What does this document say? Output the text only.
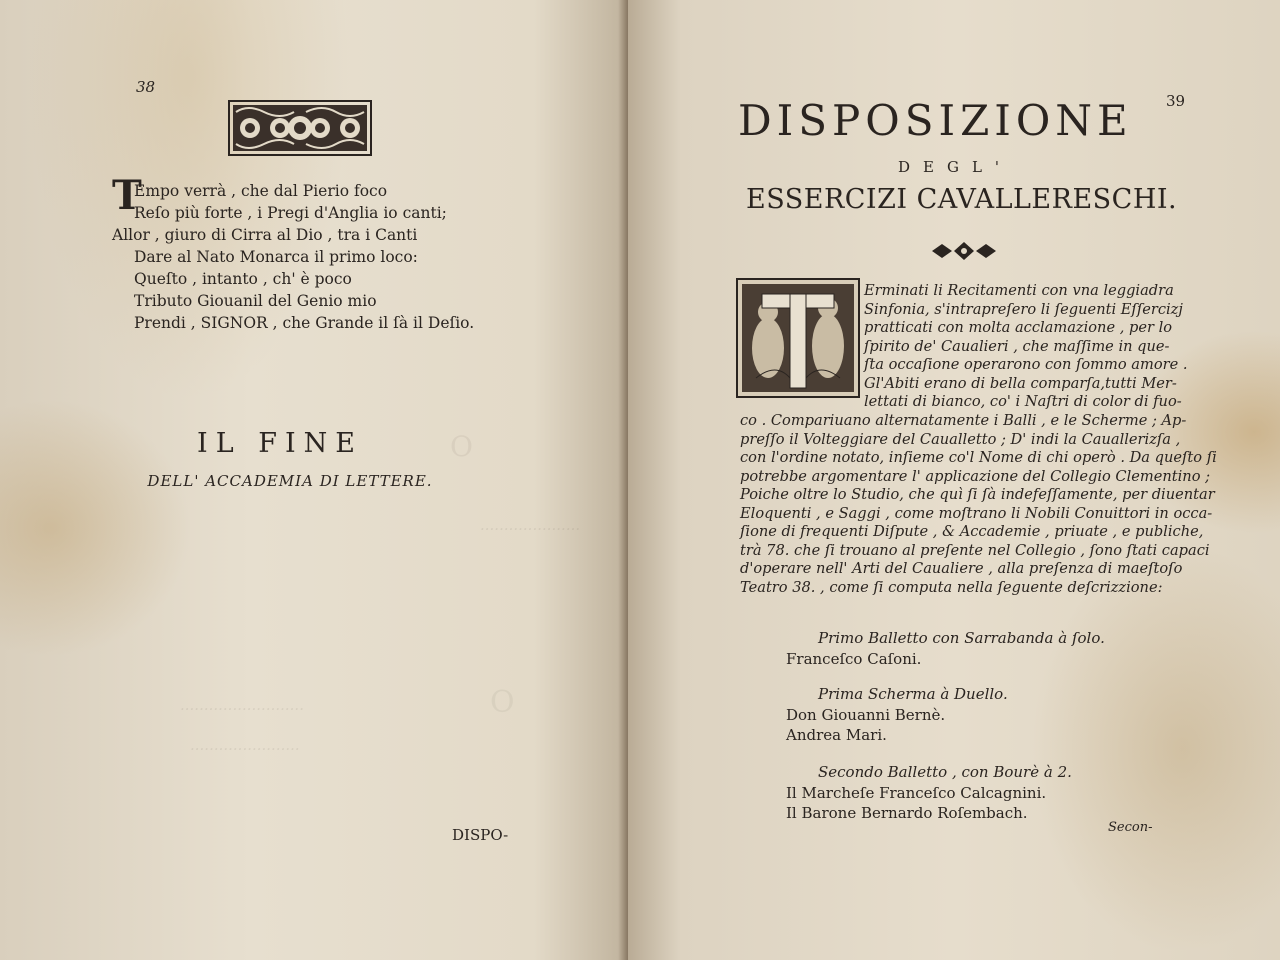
O
·····················
O
··························
·······················
38
T
Empo verrà , che dal Pierio foco
Reſo più forte , i Pregi d'Anglia io canti;
Allor , giuro di Cirra al Dio , tra i Canti
Dare al Nato Monarca il primo loco:
Queſto , intanto , ch' è poco
Tributo Giouanil del Genio mio
Prendi , SIGNOR , che Grande il ſà il Deſio.
IL FINE
DELL' ACCADEMIA DI LETTERE.
DISPO-
39
DISPOSIZIONE
DEGL'
ESSERCIZI CAVALLERESCHI.
Erminati li Recitamenti con vna leggiadra
Sinfonia, s'intrapreſero li ſeguenti Eſſercizj
pratticati con molta acclamazione , per lo
ſpirito de' Caualieri , che maſſime in que-
ſta occaſione operarono con ſommo amore .
Gl'Abiti erano di bella comparſa,tutti Mer-
lettati di bianco, co' i Naſtri di color di fuo-
co . Compariuano alternatamente i Balli , e le Scherme ; Ap-
preſſo il Volteggiare del Caualletto ; D' indi la Cauallerizſa ,
con l'ordine notato, inſieme co'l Nome di chi operò . Da queſto ſi
potrebbe argomentare l' applicazione del Collegio Clementino ;
Poiche oltre lo Studio, che quì ſi ſà indefeſſamente, per diuentar
Eloquenti , e Saggi , come moſtrano li Nobili Conuittori in occa-
ſione di frequenti Diſpute , & Accademie , priuate , e publiche,
trà 78. che ſi trouano al preſente nel Collegio , ſono ſtati capaci
d'operare nell' Arti del Caualiere , alla preſenza di maeſtoſo
Teatro 38. , come ſi computa nella ſeguente deſcrizzione:
Primo Balletto con Sarrabanda à ſolo.
Franceſco Caſoni.
Prima Scherma à Duello.
Don Giouanni Bernè.
Andrea Mari.
Secondo Balletto , con Bourè à 2.
Il Marcheſe Franceſco Calcagnini.
Il Barone Bernardo Roſembach.
Secon-
